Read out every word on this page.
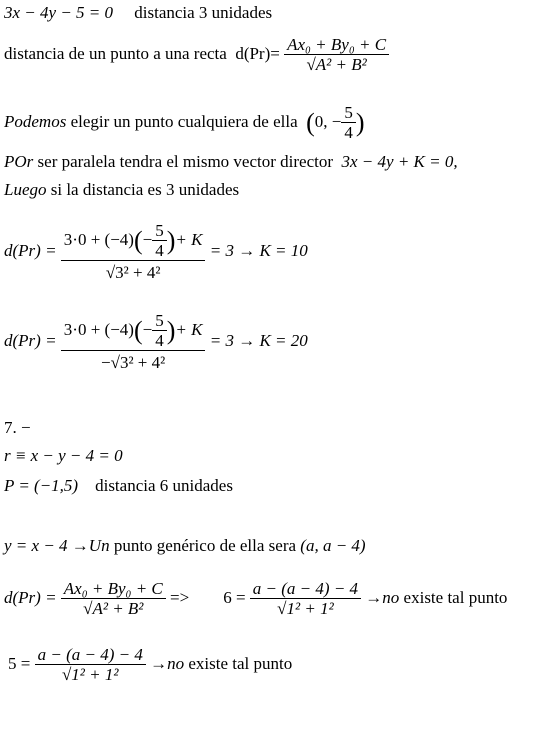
3x − 4y − 5 = 0 distancia 3 unidades
distancia de un punto a una recta $d(Pr)= \frac{\text{Ax₀ + By₀ + C}}{\text{√A² + B²}}$
Podemos elegir un punto cualquiera de ella (0, − $\frac{5}{4}$ )
POr ser paralela tendra el mismo vector director 3x − 4y + K = 0,
Luego si la distancia es 3 unidades
$d(Pr) = \frac{3\cdot 0 + (-4)(- \frac{5}{4} )+ K}{\text{√3² + 4²}} = 3 \to K = 10$
$d(Pr) = \frac{3\cdot 0 + (-4)(- \frac{5}{4} )+ K}{\text{−√3² + 4²}} = 3 \to K = 20$
7. −
r ≡ x − y − 4 = 0
P = (−1,5) distancia 6 unidades
y = x − 4 →Un punto genérico de ella sera (a, a − 4)
$d(Pr) = \frac{\text{Ax₀ + By₀ + C}}{\text{√A² + B²}} => 6 = \frac{a - (a - 4) - 4}{\text{√1² + 1²}} \to no$ existe tal punto
$5 = \frac{a - (a - 4) - 4}{\text{√1² + 1²}} \to no$ existe tal punto
